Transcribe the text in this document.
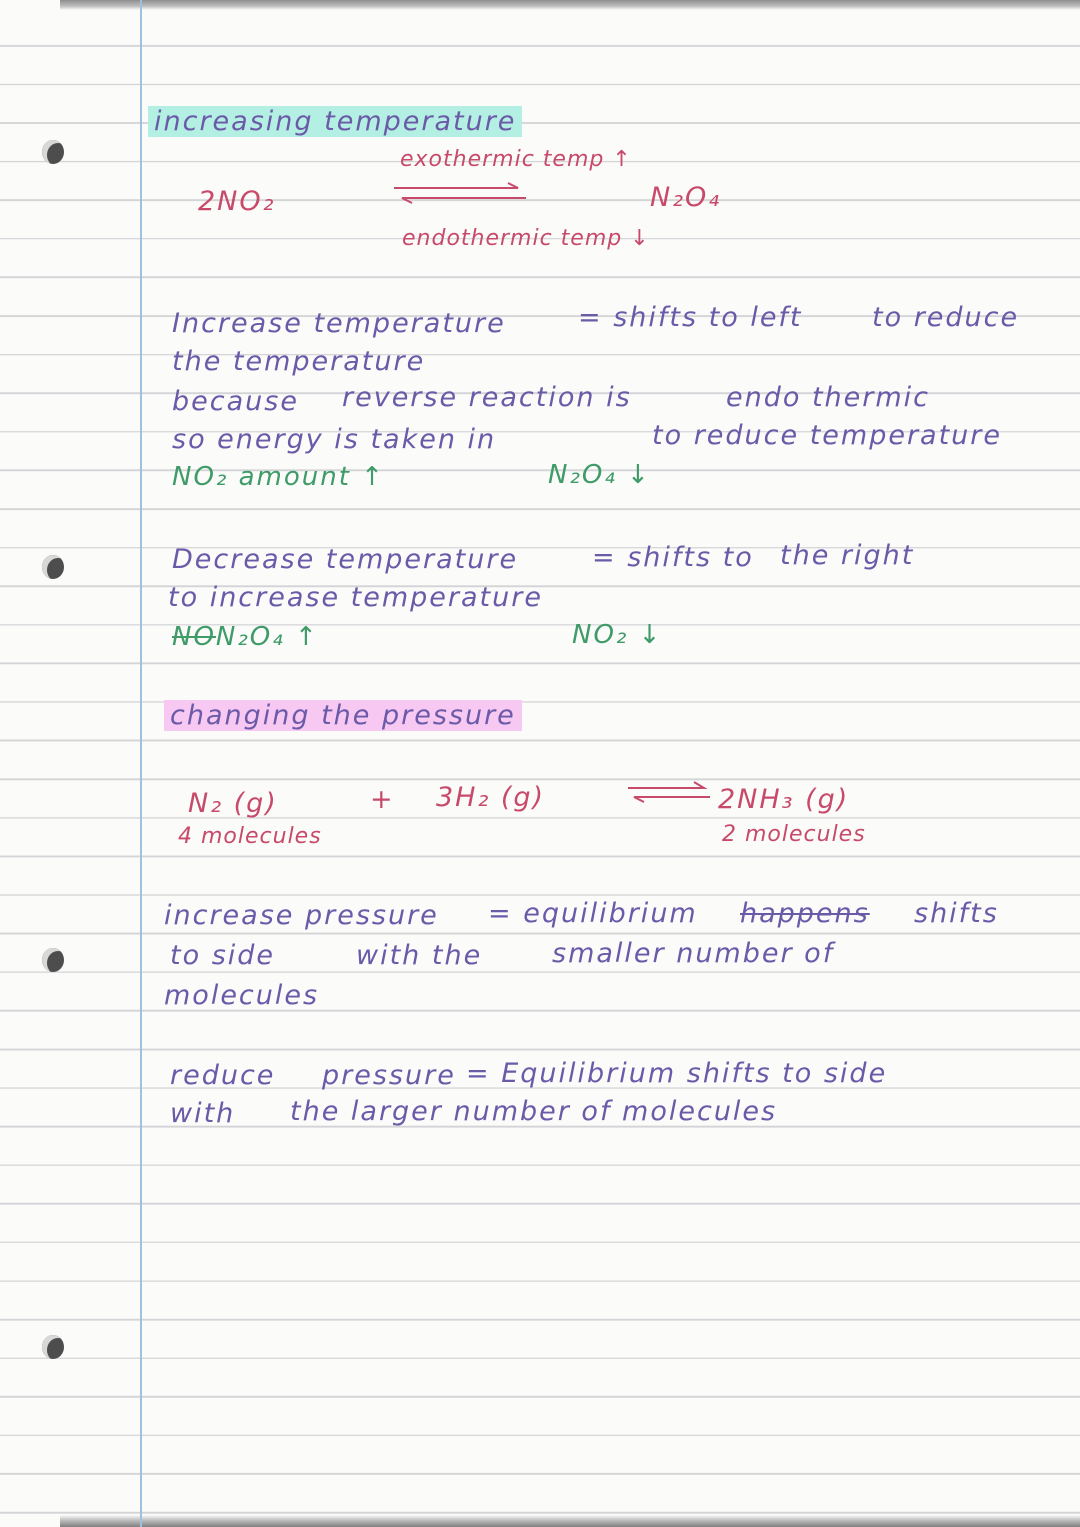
increasing temperature
exothermic temp ↑
2NO₂	N₂O₄
endothermic temp ↓
Increase temperature	= shifts to left	to reduce
the temperature
because reverse reaction is	endo thermic
so energy is taken in	to reduce temperature
NO₂ amount ↑	N₂O₄ ↓
Decrease temperature	= shifts to the right
to increase temperature
NON₂O₄ ↑	NO₂ ↓
changing the pressure
N₂ (g)	+ 3H₂ (g)	2NH₃ (g)
4 molecules	2 molecules
increase pressure = equilibrium happens shifts
to side	with the	smaller number of
molecules
reduce pressure = Equilibrium shifts to side
with the larger number of molecules
